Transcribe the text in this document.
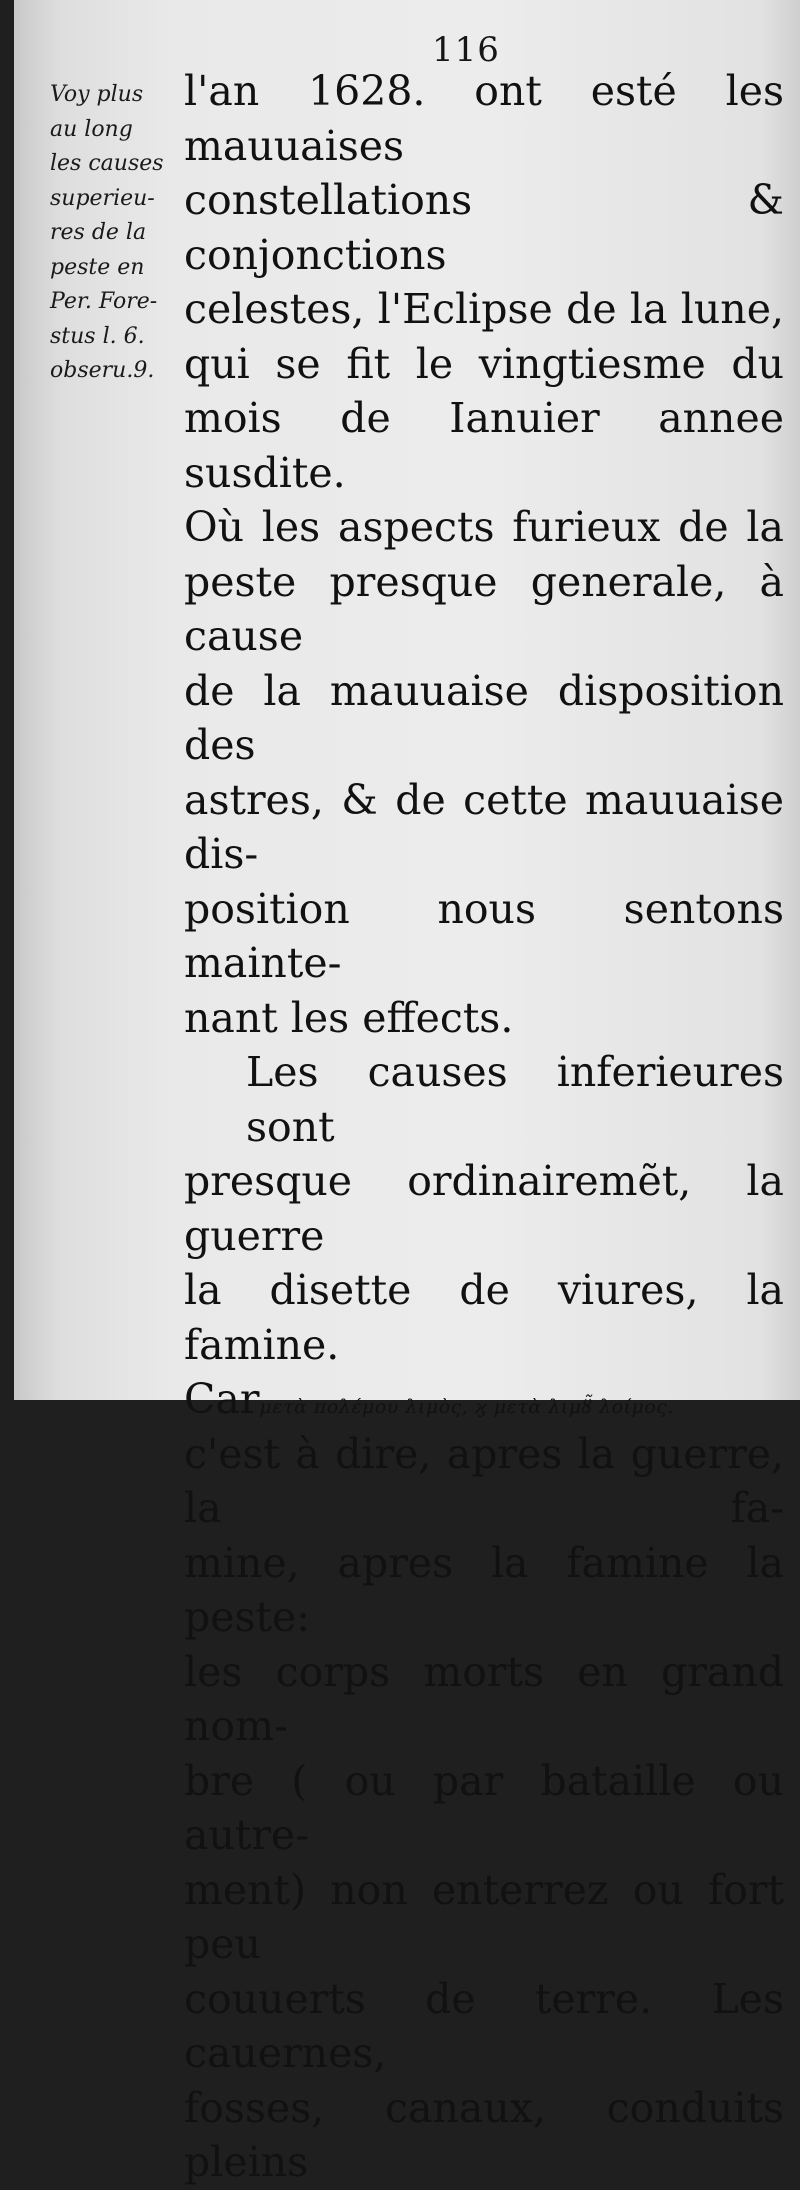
116
Voy plus
au long
les causes
superieu-
res de la
peste en
Per. Fore-
stus l. 6.
obseru.9.
l'an 1628. ont esté les mauuaises
constellations & conjonctions
celestes, l'Eclipse de la lune,
qui se fit le vingtiesme du
mois de Ianuier annee susdite.
Où les aspects furieux de la
peste presque generale, à cause
de la mauuaise disposition des
astres, & de cette mauuaise dis-
position nous sentons mainte-
nant les effects.
Les causes inferieures sont
presque ordinairemẽt, la guerre
la disette de viures, la famine.
Carμετὰ πολέμου λιμὸς, ϗ μετὰ λιμȣ̃ λοίμος.
c'est à dire, apres la guerre, la fa-
mine, apres la famine la peste:
les corps morts en grand nom-
bre ( ou par bataille ou autre-
ment) non enterrez ou fort peu
couuerts de terre. Les cauernes,
fosses, canaux, conduits pleins
